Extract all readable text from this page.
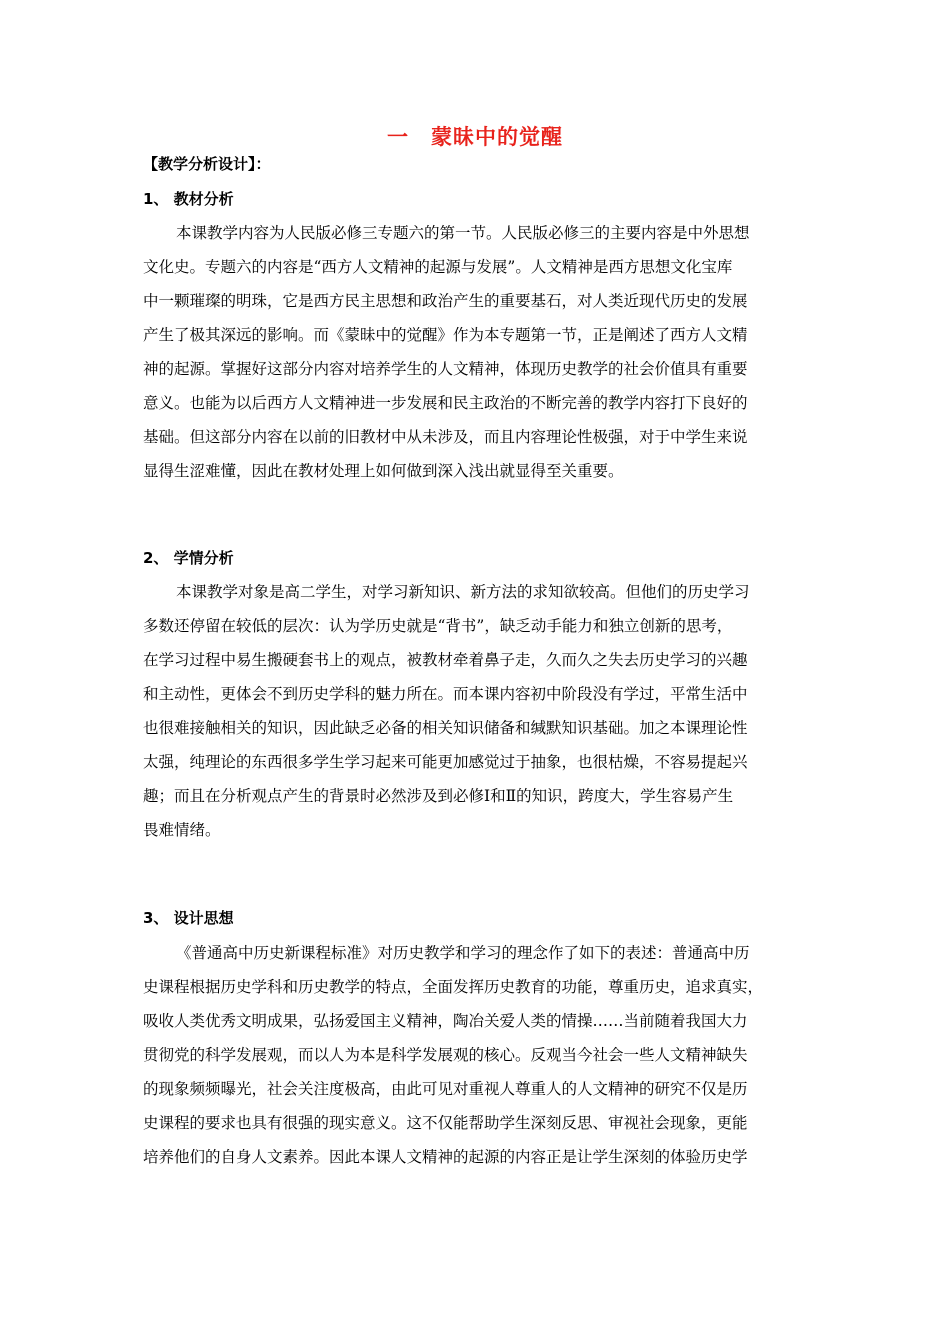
一　蒙昧中的觉醒
【教学分析设计】：
1、 教材分析
本课教学内容为人民版必修三专题六的第一节。人民版必修三的主要内容是中外思想
文化史。专题六的内容是“西方人文精神的起源与发展”。人文精神是西方思想文化宝库
中一颗璀璨的明珠，它是西方民主思想和政治产生的重要基石，对人类近现代历史的发展
产生了极其深远的影响。而《蒙昧中的觉醒》作为本专题第一节，正是阐述了西方人文精
神的起源。掌握好这部分内容对培养学生的人文精神，体现历史教学的社会价值具有重要
意义。也能为以后西方人文精神进一步发展和民主政治的不断完善的教学内容打下良好的
基础。但这部分内容在以前的旧教材中从未涉及，而且内容理论性极强，对于中学生来说
显得生涩难懂，因此在教材处理上如何做到深入浅出就显得至关重要。
2、 学情分析
本课教学对象是高二学生，对学习新知识、新方法的求知欲较高。但他们的历史学习
多数还停留在较低的层次：认为学历史就是“背书”，缺乏动手能力和独立创新的思考，
在学习过程中易生搬硬套书上的观点，被教材牵着鼻子走，久而久之失去历史学习的兴趣
和主动性，更体会不到历史学科的魅力所在。而本课内容初中阶段没有学过，平常生活中
也很难接触相关的知识，因此缺乏必备的相关知识储备和缄默知识基础。加之本课理论性
太强，纯理论的东西很多学生学习起来可能更加感觉过于抽象，也很枯燥，不容易提起兴
趣；而且在分析观点产生的背景时必然涉及到必修Ⅰ和Ⅱ的知识，跨度大，学生容易产生
畏难情绪。
3、 设计思想
《普通高中历史新课程标准》对历史教学和学习的理念作了如下的表述：普通高中历
史课程根据历史学科和历史教学的特点，全面发挥历史教育的功能，尊重历史，追求真实，
吸收人类优秀文明成果，弘扬爱国主义精神，陶冶关爱人类的情操……当前随着我国大力
贯彻党的科学发展观，而以人为本是科学发展观的核心。反观当今社会一些人文精神缺失
的现象频频曝光，社会关注度极高，由此可见对重视人尊重人的人文精神的研究不仅是历
史课程的要求也具有很强的现实意义。这不仅能帮助学生深刻反思、审视社会现象，更能
培养他们的自身人文素养。因此本课人文精神的起源的内容正是让学生深刻的体验历史学
